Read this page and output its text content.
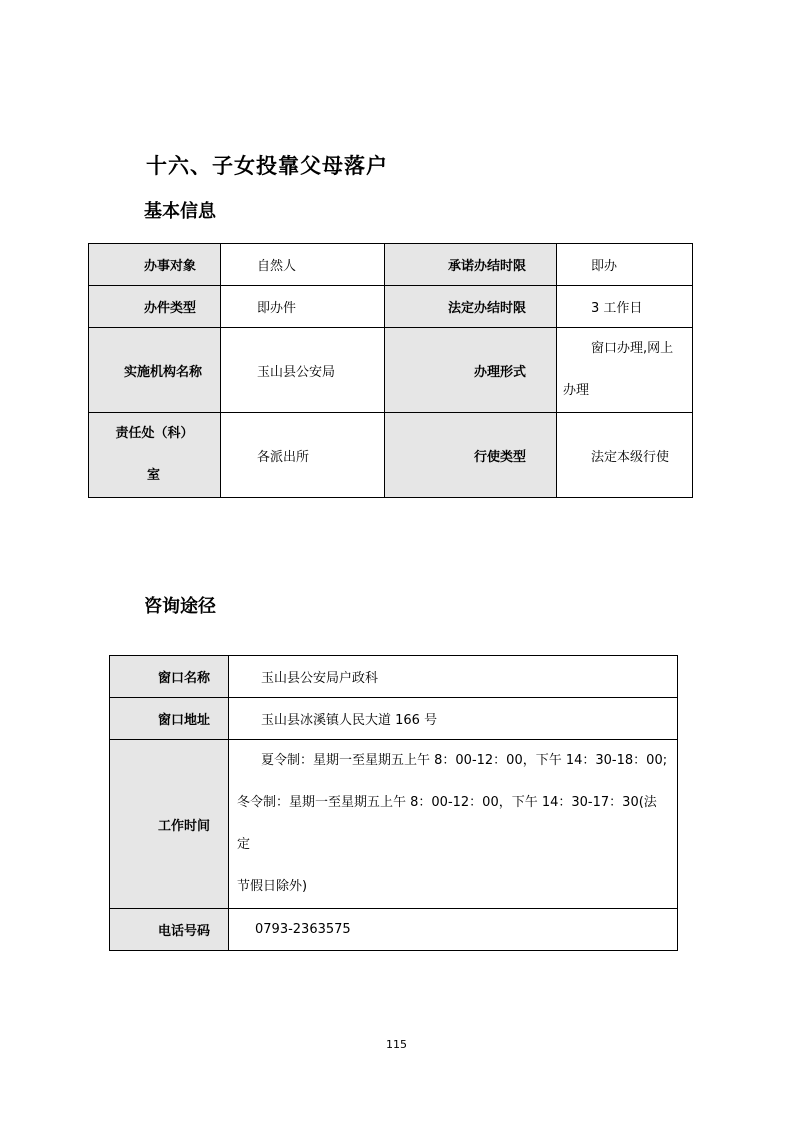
十六、子女投靠父母落户
基本信息
办事对象	自然人	承诺办结时限	即办
办件类型	即办件	法定办结时限	3 工作日
实施机构名称	玉山县公安局	办理形式	窗口办理,网上
办理

责任处（科）
室	各派出所	行使类型	法定本级行使
咨询途径
窗口名称	玉山县公安局户政科
窗口地址	玉山县冰溪镇人民大道 166 号
工作时间	夏令制：星期一至星期五上午 8：00-12：00，下午 14：30-18：00;
冬令制：星期一至星期五上午 8：00-12：00，下午 14：30-17：30(法定
节假日除外)

电话号码	0793-2363575
115
